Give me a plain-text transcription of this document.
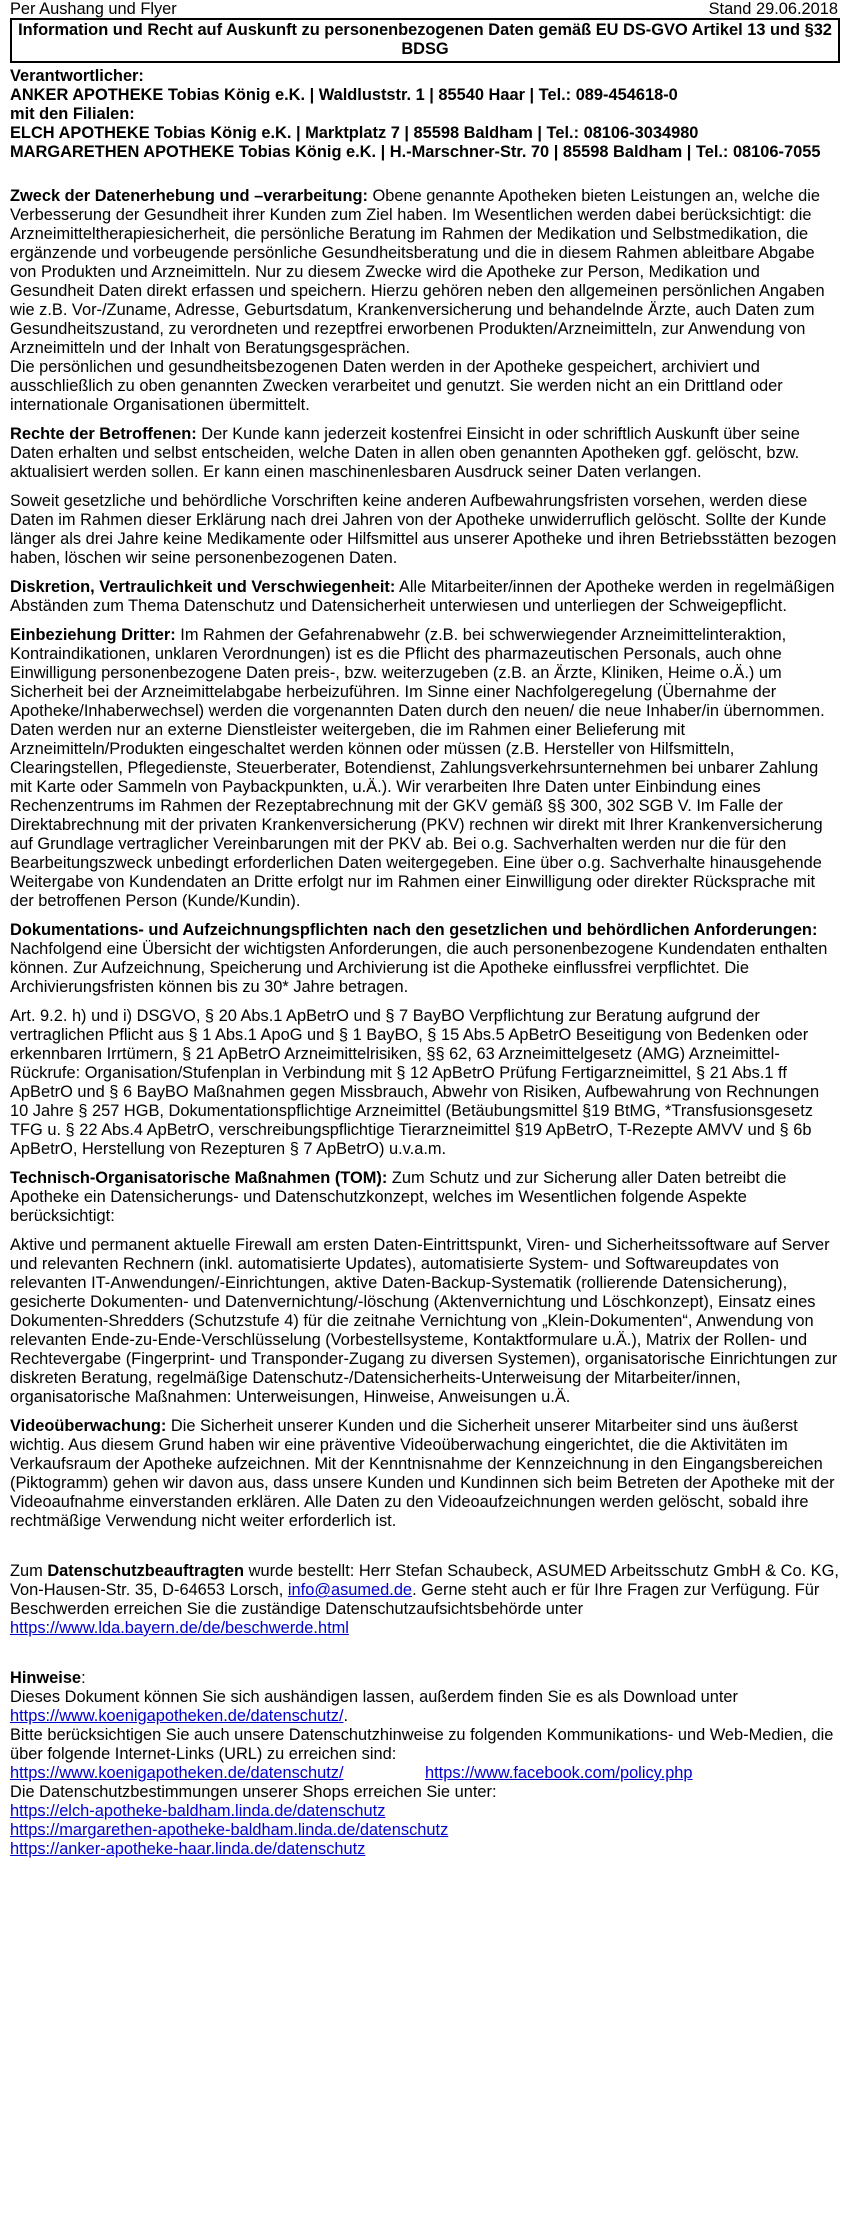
Per Aushang und Flyer	Stand 29.06.2018
Information und Recht auf Auskunft zu personenbezogenen Daten gemäß EU DS-GVO Artikel 13 und §32 BDSG
Verantwortlicher:
ANKER APOTHEKE Tobias König e.K. | Waldluststr. 1 | 85540 Haar | Tel.: 089-454618-0
mit den Filialen:
ELCH APOTHEKE Tobias König e.K. | Marktplatz 7 | 85598 Baldham | Tel.: 08106-3034980
MARGARETHEN APOTHEKE Tobias König e.K. | H.-Marschner-Str. 70 | 85598 Baldham | Tel.: 08106-7055

Zweck der Datenerhebung und –verarbeitung: Obene genannte Apotheken bieten Leistungen an, welche die Verbesserung der Gesundheit ihrer Kunden zum Ziel haben. Im Wesentlichen werden dabei berücksichtigt: die Arzneimitteltherapiesicherheit, die persönliche Beratung im Rahmen der Medikation und Selbstmedikation, die ergänzende und vorbeugende persönliche Gesundheitsberatung und die in diesem Rahmen ableitbare Abgabe von Produkten und Arzneimitteln. Nur zu diesem Zwecke wird die Apotheke zur Person, Medikation und Gesundheit Daten direkt erfassen und speichern. Hierzu gehören neben den allgemeinen persönlichen Angaben wie z.B. Vor-/Zuname, Adresse, Geburtsdatum, Krankenversicherung und behandelnde Ärzte, auch Daten zum Gesundheitszustand, zu verordneten und rezeptfrei erworbenen Produkten/Arzneimitteln, zur Anwendung von Arzneimitteln und der Inhalt von Beratungsgesprächen.

Die persönlichen und gesundheitsbezogenen Daten werden in der Apotheke gespeichert, archiviert und ausschließlich zu oben genannten Zwecken verarbeitet und genutzt. Sie werden nicht an ein Drittland oder internationale Organisationen übermittelt.

Rechte der Betroffenen: Der Kunde kann jederzeit kostenfrei Einsicht in oder schriftlich Auskunft über seine Daten erhalten und selbst entscheiden, welche Daten in allen oben genannten Apotheken ggf. gelöscht, bzw. aktualisiert werden sollen. Er kann einen maschinenlesbaren Ausdruck seiner Daten verlangen.

Soweit gesetzliche und behördliche Vorschriften keine anderen Aufbewahrungsfristen vorsehen, werden diese Daten im Rahmen dieser Erklärung nach drei Jahren von der Apotheke unwiderruflich gelöscht. Sollte der Kunde länger als drei Jahre keine Medikamente oder Hilfsmittel aus unserer Apotheke und ihren Betriebsstätten bezogen haben, löschen wir seine personenbezogenen Daten.

Diskretion, Vertraulichkeit und Verschwiegenheit: Alle Mitarbeiter/innen der Apotheke werden in regelmäßigen Abständen zum Thema Datenschutz und Datensicherheit unterwiesen und unterliegen der Schweigepflicht.

Einbeziehung Dritter: Im Rahmen der Gefahrenabwehr (z.B. bei schwerwiegender Arzneimittelinteraktion, Kontraindikationen, unklaren Verordnungen) ist es die Pflicht des pharmazeutischen Personals, auch ohne Einwilligung personenbezogene Daten preis-, bzw. weiterzugeben (z.B. an Ärzte, Kliniken, Heime o.Ä.) um Sicherheit bei der Arzneimittelabgabe herbeizuführen. Im Sinne einer Nachfolgeregelung (Übernahme der Apotheke/Inhaberwechsel) werden die vorgenannten Daten durch den neuen/ die neue Inhaber/in übernommen. Daten werden nur an externe Dienstleister weitergeben, die im Rahmen einer Belieferung mit Arzneimitteln/Produkten eingeschaltet werden können oder müssen (z.B. Hersteller von Hilfsmitteln, Clearingstellen, Pflegedienste, Steuerberater, Botendienst, Zahlungsverkehrsunternehmen bei unbarer Zahlung mit Karte oder Sammeln von Paybackpunkten, u.Ä.). Wir verarbeiten Ihre Daten unter Einbindung eines Rechenzentrums im Rahmen der Rezeptabrechnung mit der GKV gemäß §§ 300, 302 SGB V. Im Falle der Direktabrechnung mit der privaten Krankenversicherung (PKV) rechnen wir direkt mit Ihrer Krankenversicherung auf Grundlage vertraglicher Vereinbarungen mit der PKV ab. Bei o.g. Sachverhalten werden nur die für den Bearbeitungszweck unbedingt erforderlichen Daten weitergegeben. Eine über o.g. Sachverhalte hinausgehende Weitergabe von Kundendaten an Dritte erfolgt nur im Rahmen einer Einwilligung oder direkter Rücksprache mit der betroffenen Person (Kunde/Kundin).

Dokumentations- und Aufzeichnungspflichten nach den gesetzlichen und behördlichen Anforderungen: Nachfolgend eine Übersicht der wichtigsten Anforderungen, die auch personenbezogene Kundendaten enthalten können. Zur Aufzeichnung, Speicherung und Archivierung ist die Apotheke einflussfrei verpflichtet. Die Archivierungsfristen können bis zu 30* Jahre betragen.

Art. 9.2. h) und i) DSGVO, § 20 Abs.1 ApBetrO und § 7 BayBO Verpflichtung zur Beratung aufgrund der vertraglichen Pflicht aus § 1 Abs.1 ApoG und § 1 BayBO, § 15 Abs.5 ApBetrO Beseitigung von Bedenken oder erkennbaren Irrtümern, § 21 ApBetrO Arzneimittelrisiken, §§ 62, 63 Arzneimittelgesetz (AMG) Arzneimittel-Rückrufe: Organisation/Stufenplan in Verbindung mit § 12 ApBetrO Prüfung Fertigarzneimittel, § 21 Abs.1 ff ApBetrO und § 6 BayBO Maßnahmen gegen Missbrauch, Abwehr von Risiken, Aufbewahrung von Rechnungen 10 Jahre § 257 HGB, Dokumentationspflichtige Arzneimittel (Betäubungsmittel §19 BtMG, *Transfusionsgesetz TFG u. § 22 Abs.4 ApBetrO, verschreibungspflichtige Tierarzneimittel §19 ApBetrO, T-Rezepte AMVV und § 6b ApBetrO, Herstellung von Rezepturen § 7 ApBetrO) u.v.a.m.

Technisch-Organisatorische Maßnahmen (TOM): Zum Schutz und zur Sicherung aller Daten betreibt die Apotheke ein Datensicherungs- und Datenschutzkonzept, welches im Wesentlichen folgende Aspekte berücksichtigt:

Aktive und permanent aktuelle Firewall am ersten Daten-Eintrittspunkt, Viren- und Sicherheitssoftware auf Server und relevanten Rechnern (inkl. automatisierte Updates), automatisierte System- und Softwareupdates von relevanten IT-Anwendungen/-Einrichtungen, aktive Daten-Backup-Systematik (rollierende Datensicherung), gesicherte Dokumenten- und Datenvernichtung/-löschung (Aktenvernichtung und Löschkonzept), Einsatz eines Dokumenten-Shredders (Schutzstufe 4) für die zeitnahe Vernichtung von „Klein-Dokumenten“, Anwendung von relevanten Ende-zu-Ende-Verschlüsselung (Vorbestellsysteme, Kontaktformulare u.Ä.), Matrix der Rollen- und Rechtevergabe (Fingerprint- und Transponder-Zugang zu diversen Systemen), organisatorische Einrichtungen zur diskreten Beratung, regelmäßige Datenschutz-/Datensicherheits-Unterweisung der Mitarbeiter/innen, organisatorische Maßnahmen: Unterweisungen, Hinweise, Anweisungen u.Ä.

Videoüberwachung: Die Sicherheit unserer Kunden und die Sicherheit unserer Mitarbeiter sind uns äußerst wichtig. Aus diesem Grund haben wir eine präventive Videoüberwachung eingerichtet, die die Aktivitäten im Verkaufsraum der Apotheke aufzeichnen. Mit der Kenntnisnahme der Kennzeichnung in den Eingangsbereichen (Piktogramm) gehen wir davon aus, dass unsere Kunden und Kundinnen sich beim Betreten der Apotheke mit der Videoaufnahme einverstanden erklären. Alle Daten zu den Videoaufzeichnungen werden gelöscht, sobald ihre rechtmäßige Verwendung nicht weiter erforderlich ist.

Zum Datenschutzbeauftragten wurde bestellt: Herr Stefan Schaubeck, ASUMED Arbeitsschutz GmbH & Co. KG, Von-Hausen-Str. 35, D-64653 Lorsch, info@asumed.de. Gerne steht auch er für Ihre Fragen zur Verfügung. Für Beschwerden erreichen Sie die zuständige Datenschutzaufsichtsbehörde unter https://www.lda.bayern.de/de/beschwerde.html

Hinweise:
Dieses Dokument können Sie sich aushändigen lassen, außerdem finden Sie es als Download unter https://www.koenigapotheken.de/datenschutz/.
Bitte berücksichtigen Sie auch unsere Datenschutzhinweise zu folgenden Kommunikations- und Web-Medien, die über folgende Internet-Links (URL) zu erreichen sind:
https://www.koenigapotheken.de/datenschutz/	https://www.facebook.com/policy.php
Die Datenschutzbestimmungen unserer Shops erreichen Sie unter:
https://elch-apotheke-baldham.linda.de/datenschutz
https://margarethen-apotheke-baldham.linda.de/datenschutz
https://anker-apotheke-haar.linda.de/datenschutz
